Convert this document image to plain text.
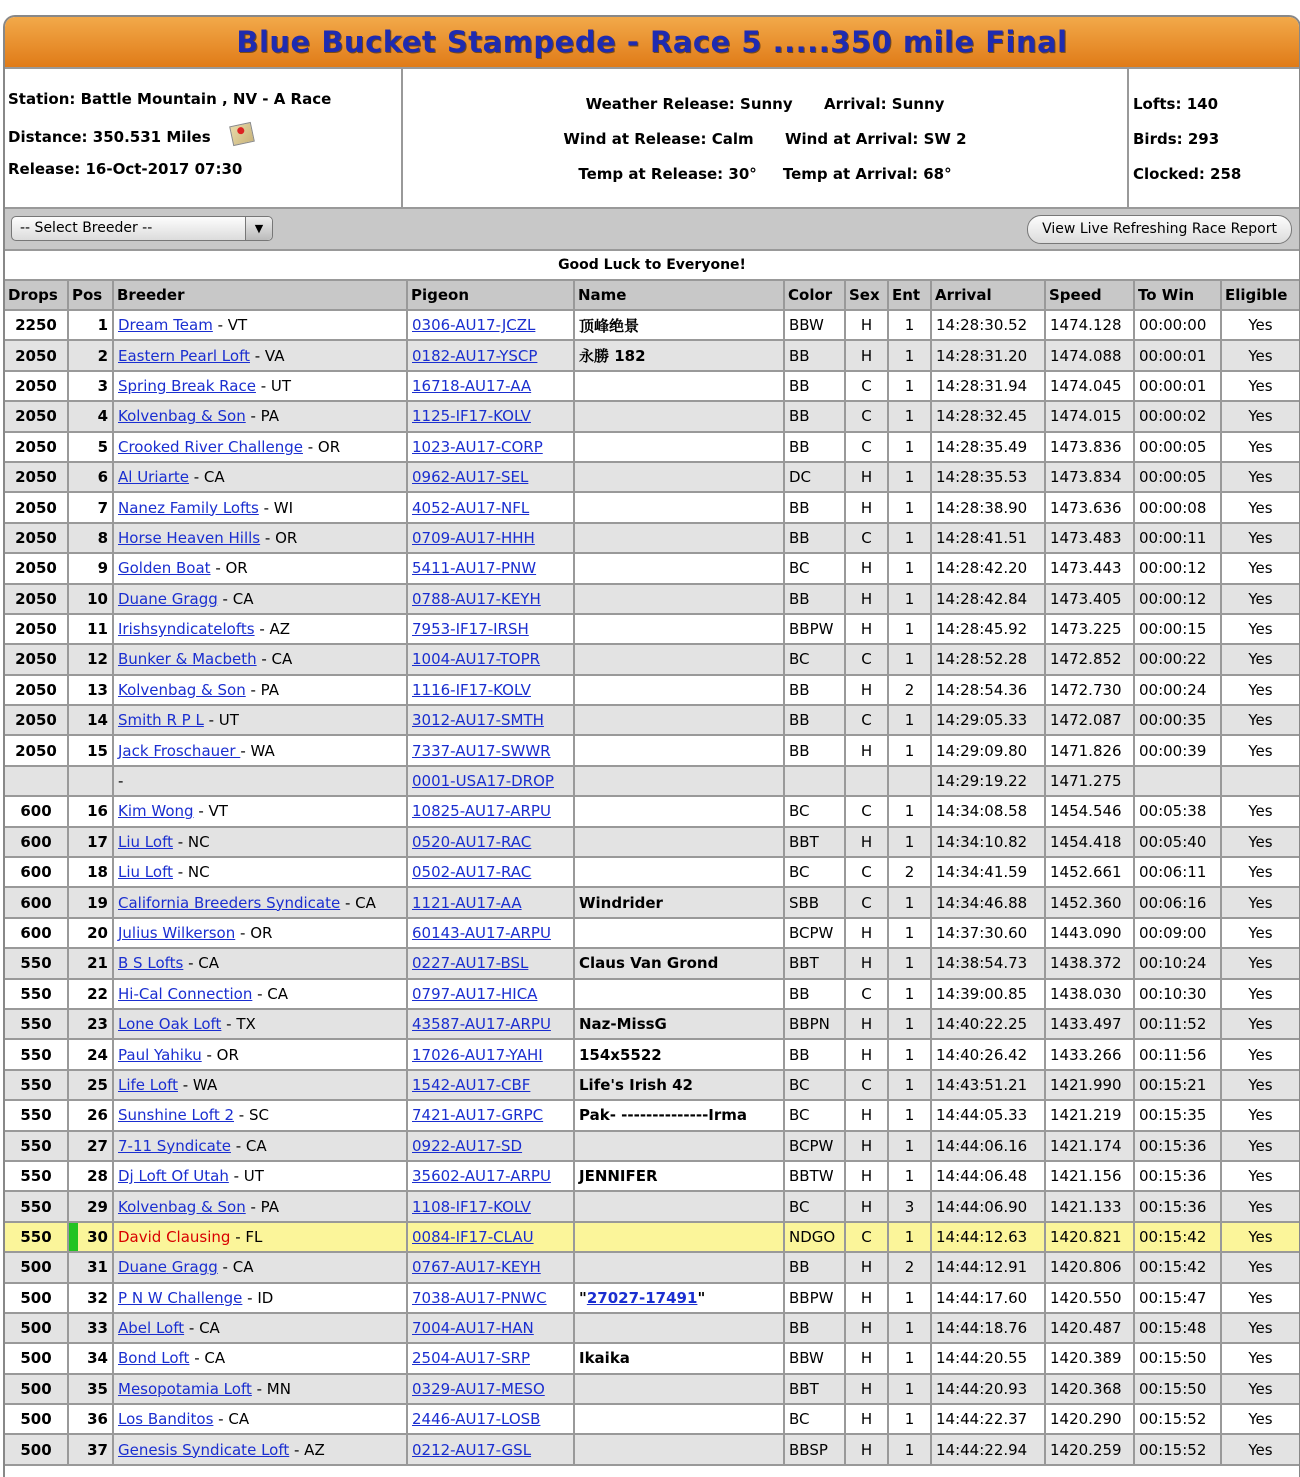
Blue Bucket Stampede - Race 5 .....350 mile Final
Station: Battle Mountain , NV - A Race
Distance: 350.531 Miles
Release: 16-Oct-2017 07:30
Weather Release: Sunny Arrival: Sunny
Wind at Release: Calm Wind at Arrival: SW 2
Temp at Release: 30° Temp at Arrival: 68°
Lofts: 140
Birds: 293
Clocked: 258
-- Select Breeder --	▼	View Live Refreshing Race Report
Good Luck to Everyone!
Drops	Pos	Breeder	Pigeon	Name	Color	Sex	Ent	Arrival	Speed	To Win	Eligible
2250	1	Dream Team - VT	0306-AU17-JCZL	顶峰绝景	BBW	H	1	14:28:30.52	1474.128	00:00:00	Yes
2050	2	Eastern Pearl Loft - VA	0182-AU17-YSCP	永勝 182	BB	H	1	14:28:31.20	1474.088	00:00:01	Yes
2050	3	Spring Break Race - UT	16718-AU17-AA		BB	C	1	14:28:31.94	1474.045	00:00:01	Yes
2050	4	Kolvenbag & Son - PA	1125-IF17-KOLV		BB	C	1	14:28:32.45	1474.015	00:00:02	Yes
2050	5	Crooked River Challenge - OR	1023-AU17-CORP		BB	C	1	14:28:35.49	1473.836	00:00:05	Yes
2050	6	Al Uriarte - CA	0962-AU17-SEL		DC	H	1	14:28:35.53	1473.834	00:00:05	Yes
2050	7	Nanez Family Lofts - WI	4052-AU17-NFL		BB	H	1	14:28:38.90	1473.636	00:00:08	Yes
2050	8	Horse Heaven Hills - OR	0709-AU17-HHH		BB	C	1	14:28:41.51	1473.483	00:00:11	Yes
2050	9	Golden Boat - OR	5411-AU17-PNW		BC	H	1	14:28:42.20	1473.443	00:00:12	Yes
2050	10	Duane Gragg - CA	0788-AU17-KEYH		BB	H	1	14:28:42.84	1473.405	00:00:12	Yes
2050	11	Irishsyndicatelofts - AZ	7953-IF17-IRSH		BBPW	H	1	14:28:45.92	1473.225	00:00:15	Yes
2050	12	Bunker & Macbeth - CA	1004-AU17-TOPR		BC	C	1	14:28:52.28	1472.852	00:00:22	Yes
2050	13	Kolvenbag & Son - PA	1116-IF17-KOLV		BB	H	2	14:28:54.36	1472.730	00:00:24	Yes
2050	14	Smith R P L - UT	3012-AU17-SMTH		BB	C	1	14:29:05.33	1472.087	00:00:35	Yes
2050	15	Jack Froschauer - WA	7337-AU17-SWWR		BB	H	1	14:29:09.80	1471.826	00:00:39	Yes
		-	0001-USA17-DROP					14:29:19.22	1471.275		
600	16	Kim Wong - VT	10825-AU17-ARPU		BC	C	1	14:34:08.58	1454.546	00:05:38	Yes
600	17	Liu Loft - NC	0520-AU17-RAC		BBT	H	1	14:34:10.82	1454.418	00:05:40	Yes
600	18	Liu Loft - NC	0502-AU17-RAC		BC	C	2	14:34:41.59	1452.661	00:06:11	Yes
600	19	California Breeders Syndicate - CA	1121-AU17-AA	Windrider	SBB	C	1	14:34:46.88	1452.360	00:06:16	Yes
600	20	Julius Wilkerson - OR	60143-AU17-ARPU		BCPW	H	1	14:37:30.60	1443.090	00:09:00	Yes
550	21	B S Lofts - CA	0227-AU17-BSL	Claus Van Grond	BBT	H	1	14:38:54.73	1438.372	00:10:24	Yes
550	22	Hi-Cal Connection - CA	0797-AU17-HICA		BB	C	1	14:39:00.85	1438.030	00:10:30	Yes
550	23	Lone Oak Loft - TX	43587-AU17-ARPU	Naz-MissG	BBPN	H	1	14:40:22.25	1433.497	00:11:52	Yes
550	24	Paul Yahiku - OR	17026-AU17-YAHI	154x5522	BB	H	1	14:40:26.42	1433.266	00:11:56	Yes
550	25	Life Loft - WA	1542-AU17-CBF	Life's Irish 42	BC	C	1	14:43:51.21	1421.990	00:15:21	Yes
550	26	Sunshine Loft 2 - SC	7421-AU17-GRPC	Pak- --------------Irma	BC	H	1	14:44:05.33	1421.219	00:15:35	Yes
550	27	7-11 Syndicate - CA	0922-AU17-SD		BCPW	H	1	14:44:06.16	1421.174	00:15:36	Yes
550	28	Dj Loft Of Utah - UT	35602-AU17-ARPU	JENNIFER	BBTW	H	1	14:44:06.48	1421.156	00:15:36	Yes
550	29	Kolvenbag & Son - PA	1108-IF17-KOLV		BC	H	3	14:44:06.90	1421.133	00:15:36	Yes
550	30	David Clausing - FL	0084-IF17-CLAU		NDGO	C	1	14:44:12.63	1420.821	00:15:42	Yes
500	31	Duane Gragg - CA	0767-AU17-KEYH		BB	H	2	14:44:12.91	1420.806	00:15:42	Yes
500	32	P N W Challenge - ID	7038-AU17-PNWC	"27027-17491"	BBPW	H	1	14:44:17.60	1420.550	00:15:47	Yes
500	33	Abel Loft - CA	7004-AU17-HAN		BB	H	1	14:44:18.76	1420.487	00:15:48	Yes
500	34	Bond Loft - CA	2504-AU17-SRP	Ikaika	BBW	H	1	14:44:20.55	1420.389	00:15:50	Yes
500	35	Mesopotamia Loft - MN	0329-AU17-MESO		BBT	H	1	14:44:20.93	1420.368	00:15:50	Yes
500	36	Los Banditos - CA	2446-AU17-LOSB		BC	H	1	14:44:22.37	1420.290	00:15:52	Yes
500	37	Genesis Syndicate Loft - AZ	0212-AU17-GSL		BBSP	H	1	14:44:22.94	1420.259	00:15:52	Yes
